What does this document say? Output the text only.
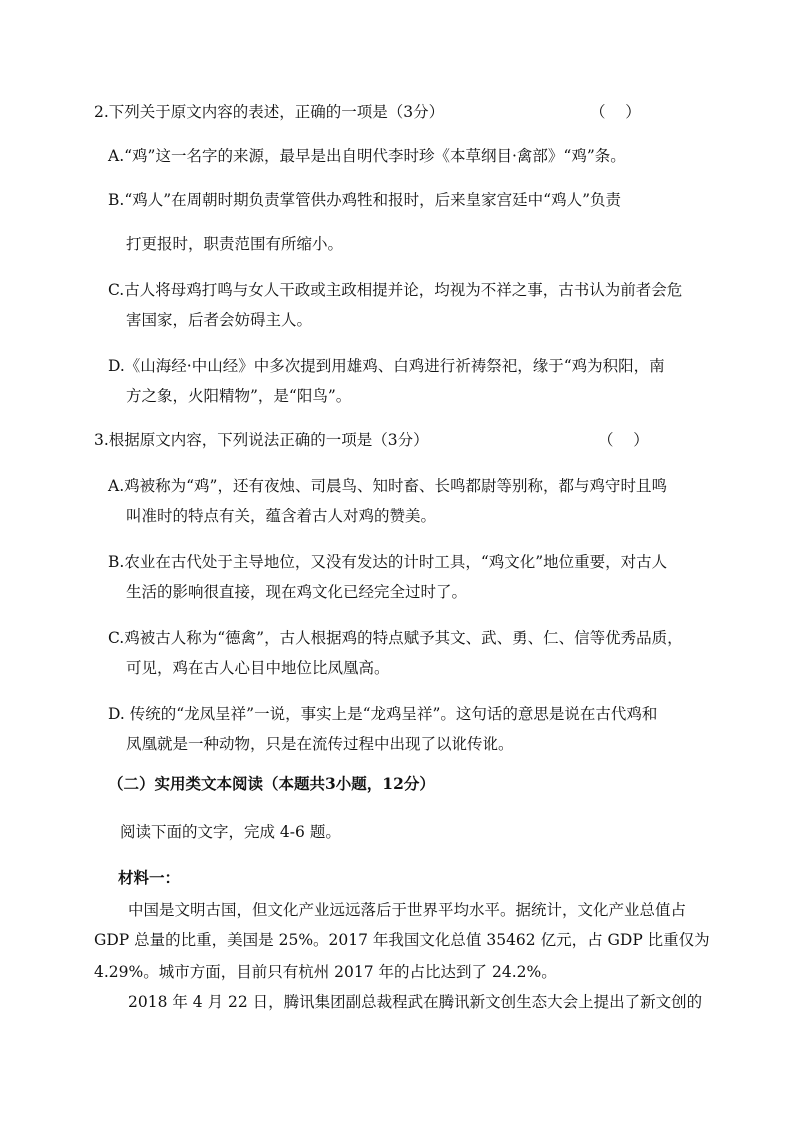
2.下列关于原文内容的表述，正确的一项是（3分）	（    ）
A.“鸡”这一名字的来源，最早是出自明代李时珍《本草纲目·禽部》“鸡”条。
B.“鸡人”在周朝时期负责掌管供办鸡牲和报时，后来皇家宫廷中“鸡人”负责
打更报时，职责范围有所缩小。
C.古人将母鸡打鸣与女人干政或主政相提并论，均视为不祥之事，古书认为前者会危
害国家，后者会妨碍主人。
D.《山海经·中山经》中多次提到用雄鸡、白鸡进行祈祷祭祀，缘于“鸡为积阳，南
方之象，火阳精物”，是“阳鸟”。
3.根据原文内容，下列说法正确的一项是（3分）	（    ）
A.鸡被称为“鸡”，还有夜烛、司晨鸟、知时畜、长鸣都尉等别称，都与鸡守时且鸣
叫准时的特点有关，蕴含着古人对鸡的赞美。
B.农业在古代处于主导地位，又没有发达的计时工具，“鸡文化”地位重要，对古人
生活的影响很直接，现在鸡文化已经完全过时了。
C.鸡被古人称为“德禽”，古人根据鸡的特点赋予其文、武、勇、仁、信等优秀品质，
可见，鸡在古人心目中地位比凤凰高。
D. 传统的“龙凤呈祥”一说，事实上是“龙鸡呈祥”。这句话的意思是说在古代鸡和
凤凰就是一种动物，只是在流传过程中出现了以讹传讹。
（二）实用类文本阅读（本题共3小题，12分）
阅读下面的文字，完成 4-6 题。
材料一：
中国是文明古国，但文化产业远远落后于世界平均水平。据统计，文化产业总值占
GDP 总量的比重，美国是 25%。2017 年我国文化总值 35462 亿元，占 GDP 比重仅为
4.29%。城市方面，目前只有杭州 2017 年的占比达到了 24.2%。
2018 年 4 月 22 日，腾讯集团副总裁程武在腾讯新文创生态大会上提出了新文创的
